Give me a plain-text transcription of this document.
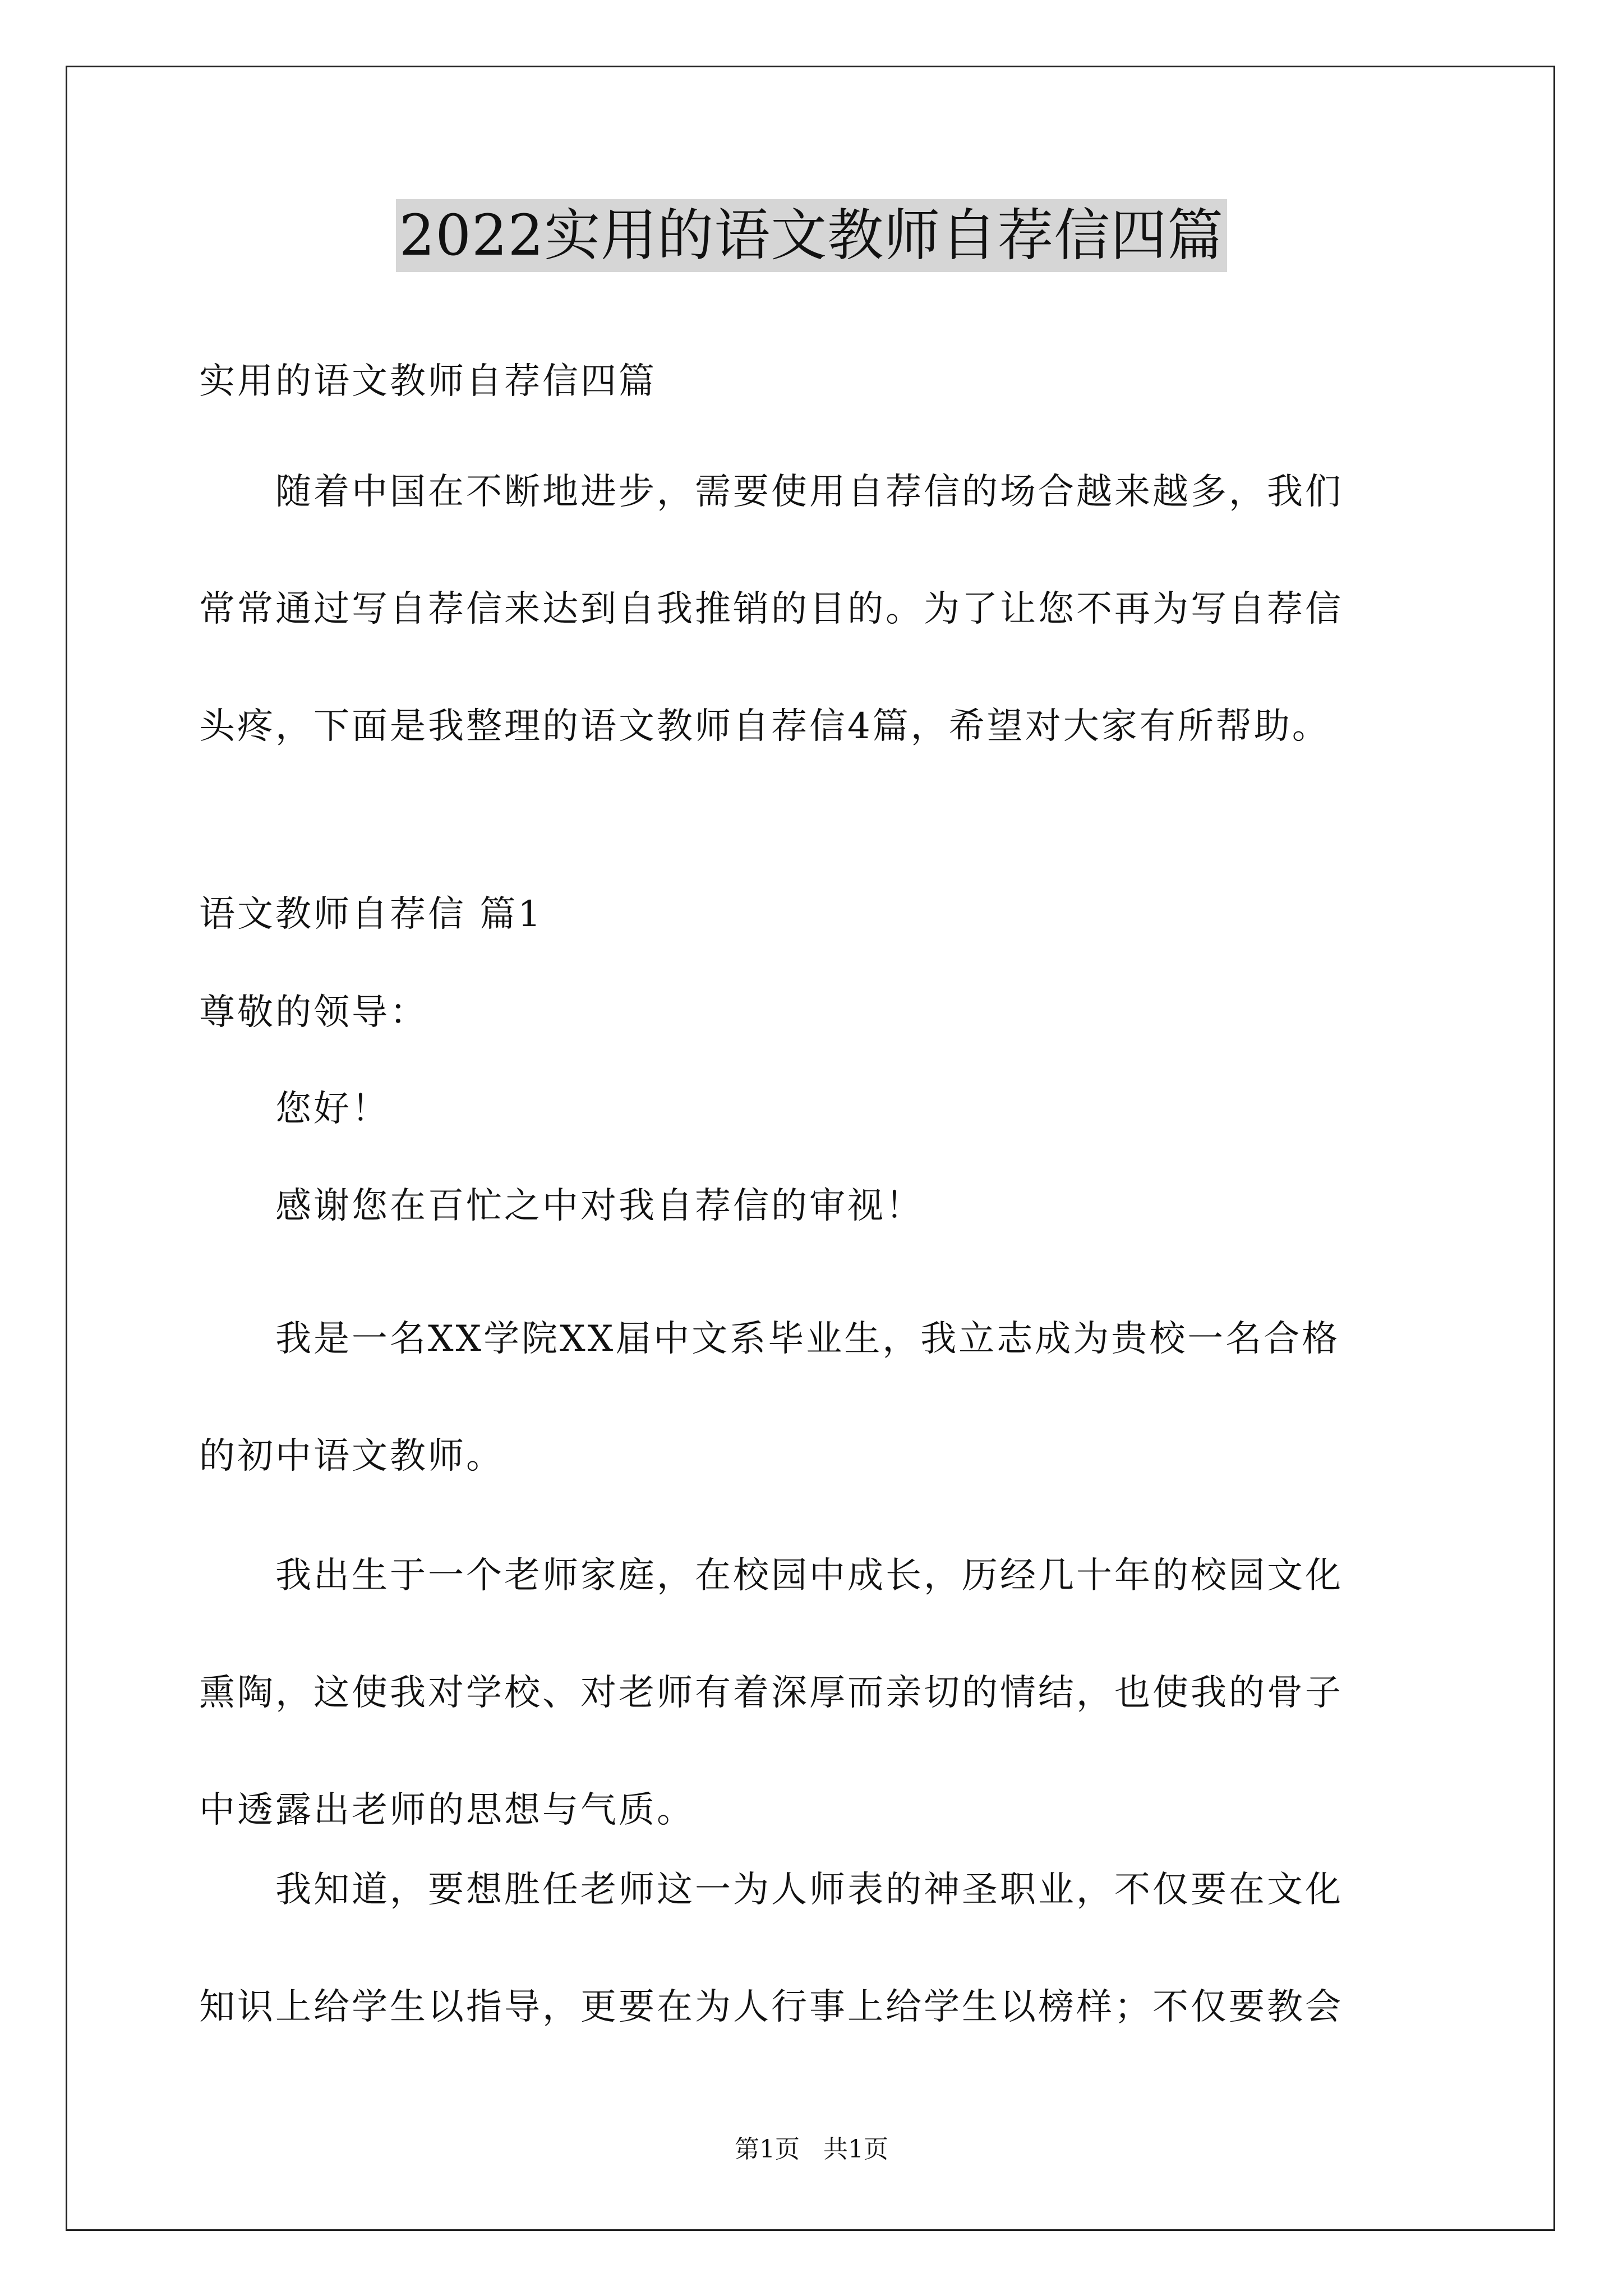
2022实用的语文教师自荐信四篇

实用的语文教师自荐信四篇

　　随着中国在不断地进步，需要使用自荐信的场合越来越多，我们
常常通过写自荐信来达到自我推销的目的。为了让您不再为写自荐信
头疼，下面是我整理的语文教师自荐信4篇，希望对大家有所帮助。

语文教师自荐信 篇1

尊敬的领导：

　　您好！

　　感谢您在百忙之中对我自荐信的审视！

　　我是一名XX学院XX届中文系毕业生，我立志成为贵校一名合格
的初中语文教师。
　　我出生于一个老师家庭，在校园中成长，历经几十年的校园文化
熏陶，这使我对学校、对老师有着深厚而亲切的情结，也使我的骨子
中透露出老师的思想与气质。
　　我知道，要想胜任老师这一为人师表的神圣职业，不仅要在文化
知识上给学生以指导，更要在为人行事上给学生以榜样；不仅要教会
第1页   共1页
